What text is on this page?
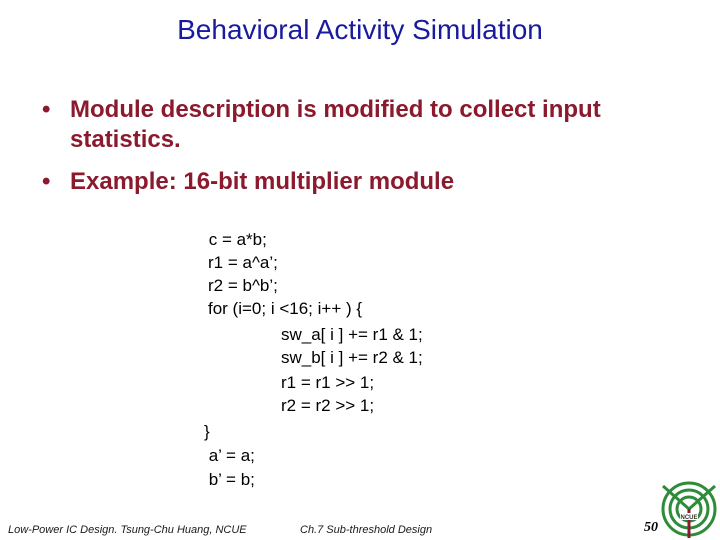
Behavioral Activity Simulation
• Module description is modified to collect input statistics.
• Example: 16-bit multiplier module
c = a*b;
r1 = a^a’;
r2 = b^b’;
for (i=0; i <16; i++ ) {
sw_a[ i ] += r1 & 1;
sw_b[ i ] += r2 & 1;
r1 = r1 >> 1;
r2 = r2 >> 1;
}
a’ = a;
b’ = b;
Low-Power IC Design. Tsung-Chu Huang, NCUE	Ch.7 Sub-threshold Design	50
NCUE
